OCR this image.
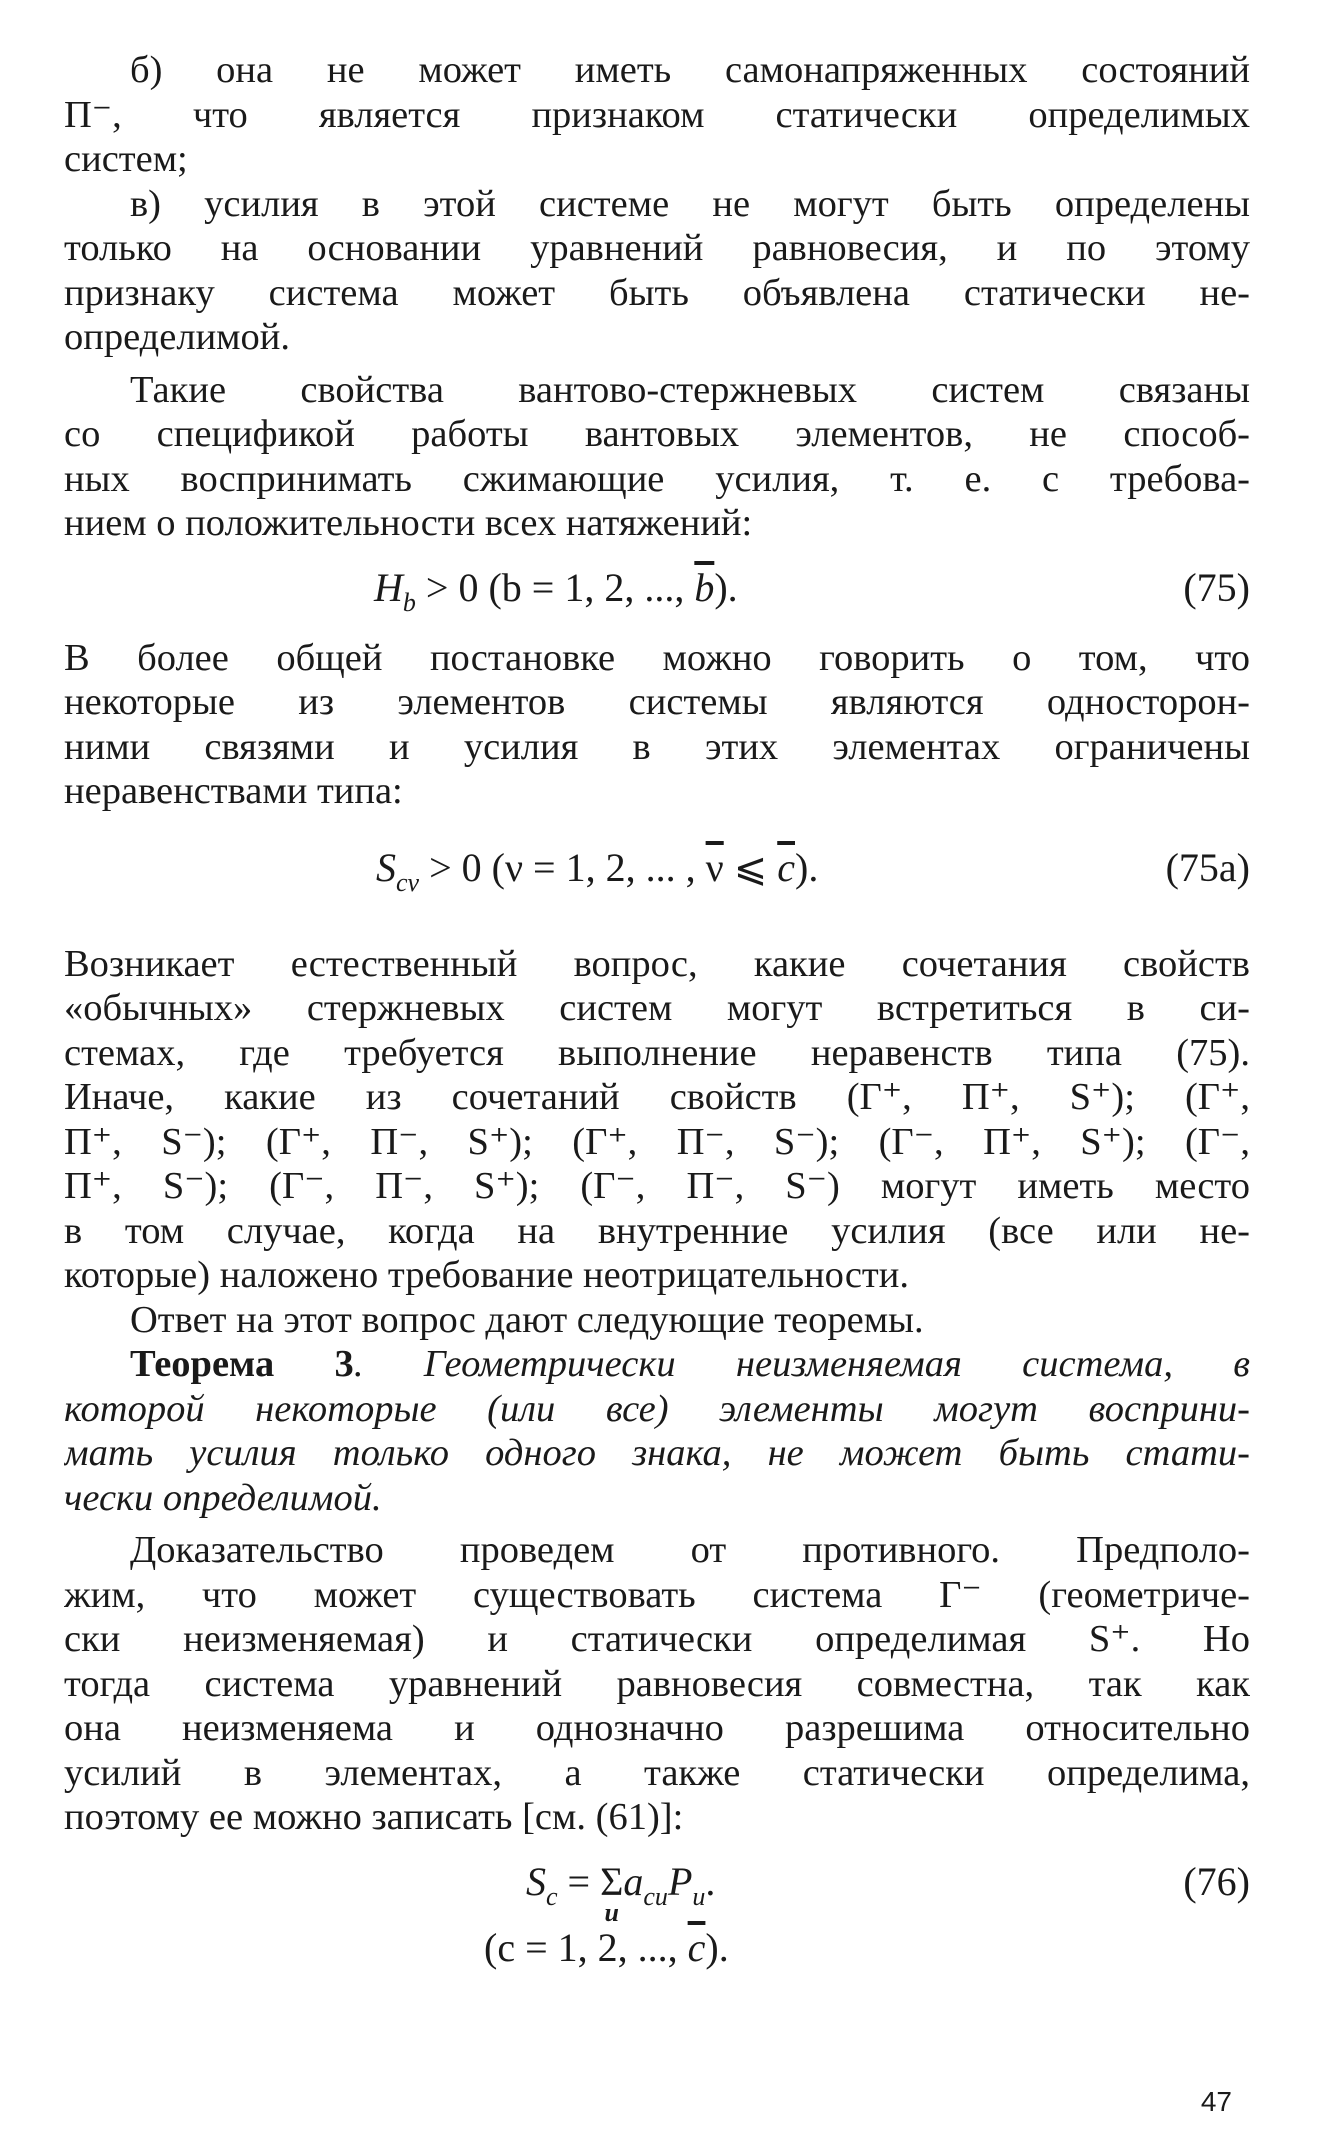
б) она не может иметь самонапряженных состояний
П⁻, что является признаком статически определимых
систем;
в) усилия в этой системе не могут быть определены
только на основании уравнений равновесия, и по этому
признаку система может быть объявлена статически не-
определимой.
Такие свойства вантово-стержневых систем связаны
со спецификой работы вантовых элементов, не способ-
ных воспринимать сжимающие усилия, т. е. с требова-
нием о положительности всех натяжений:
$H_b > 0$ (b = 1, 2, ..., $\overline{b}$).	(75)
В более общей постановке можно говорить о том, что
некоторые из элементов системы являются односторон-
ними связями и усилия в этих элементах ограничены
неравенствами типа:
$S_{c\nu} > 0$ (ν = 1, 2, ... , $\overline{\nu}$ ⩽ $\overline{c}$).	(75а)
Возникает естественный вопрос, какие сочетания свойств
«обычных» стержневых систем могут встретиться в си-
стемах, где требуется выполнение неравенств типа (75).
Иначе, какие из сочетаний свойств (Г⁺, П⁺, S⁺); (Г⁺,
П⁺, S⁻); (Г⁺, П⁻, S⁺); (Г⁺, П⁻, S⁻); (Г⁻, П⁺, S⁺); (Г⁻,
П⁺, S⁻); (Г⁻, П⁻, S⁺); (Г⁻, П⁻, S⁻) могут иметь место
в том случае, когда на внутренние усилия (все или не-
которые) наложено требование неотрицательности.
Ответ на этот вопрос дают следующие теоремы.
Теорема 3. Геометрически неизменяемая система, в
которой некоторые (или все) элементы могут восприни-
мать усилия только одного знака, не может быть стати-
чески определимой.
Доказательство проведем от противного. Предполо-
жим, что может существовать система Г⁻ (геометриче-
ски неизменяемая) и статически определимая S⁺. Но
тогда система уравнений равновесия совместна, так как
она неизменяема и однозначно разрешима относительно
усилий в элементах, а также статически определима,
поэтому ее можно записать [см. (61)]:
$S_c = \Sigma$
u
$a_{cu}P_u$.	(76)
(c = 1, 2, ..., $\overline{c}$).
47
